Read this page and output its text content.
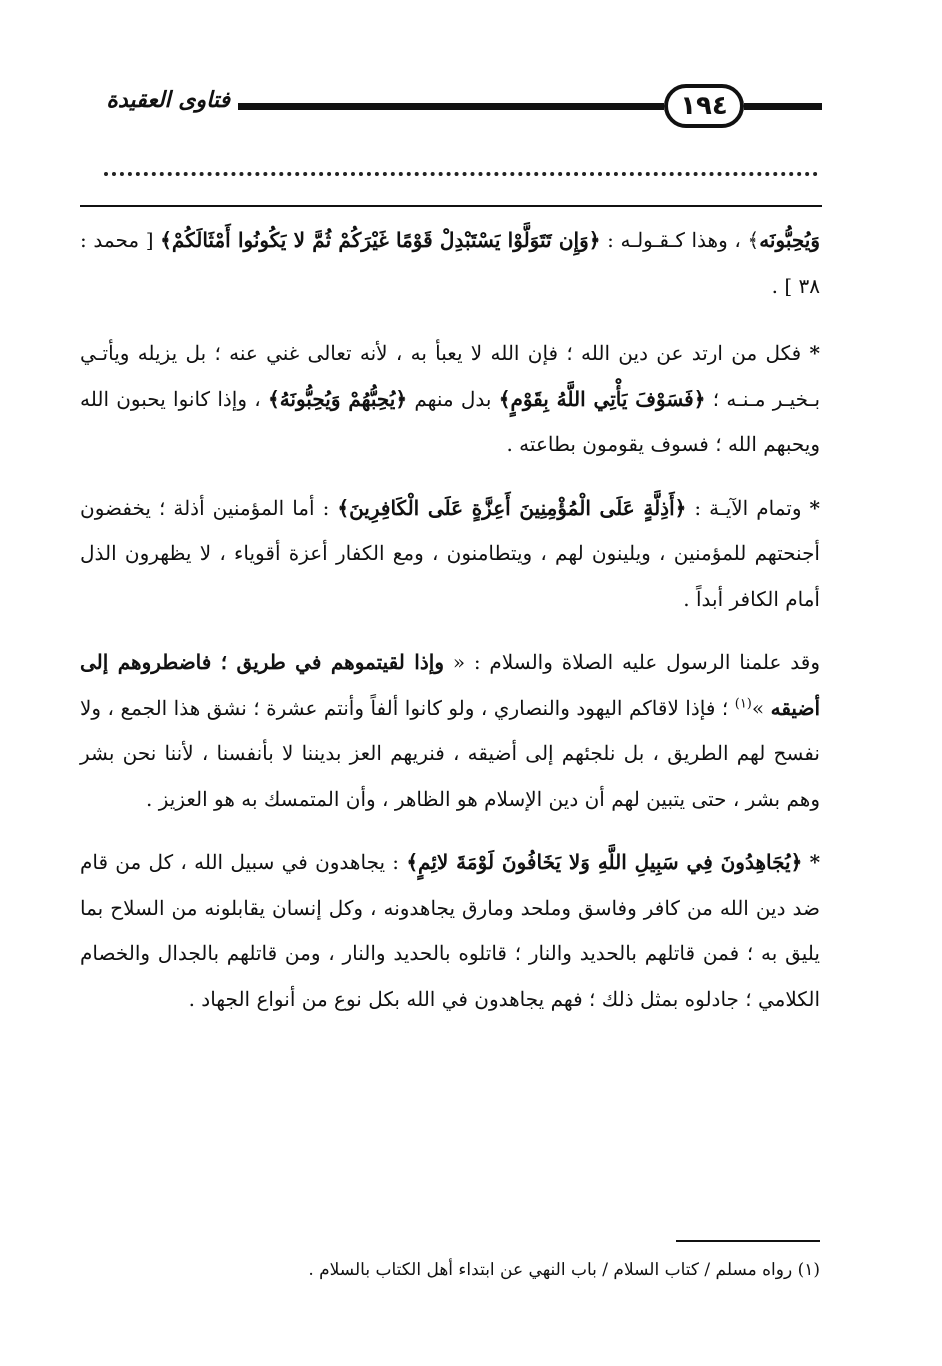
فتاوى العقيدة	١٩٤

وَيُحِبُّونَه﴾ ، وهذا كـقـولـه : ﴿وَإِن تَتَوَلَّوْا يَسْتَبْدِلْ قَوْمًا غَيْرَكُمْ ثُمَّ لا يَكُونُوا أَمْثَالَكُمْ﴾ [ محمد : ٣٨ ] .

* فكل من ارتد عن دين الله ؛ فإن الله لا يعبأ به ، لأنه تعالى غني عنه ؛ بل يزيله ويأتـي بـخيـر مـنـه ؛ ﴿فَسَوْفَ يَأْتِي اللَّهُ بِقَوْمٍ﴾ بدل منهم ﴿يُحِبُّهُمْ وَيُحِبُّونَهُ﴾ ، وإذا كانوا يحبون الله ويحبهم الله ؛ فسوف يقومون بطاعته .

* وتمام الآيـة : ﴿أَذِلَّةٍ عَلَى الْمُؤْمِنِينَ أَعِزَّةٍ عَلَى الْكَافِرِينَ﴾ : أما المؤمنين أذلة ؛ يخفضون أجنحتهم للمؤمنين ، ويلينون لهم ، ويتطامنون ، ومع الكفار أعزة أقوياء ، لا يظهرون الذل أمام الكافر أبداً .

وقد علمنا الرسول عليه الصلاة والسلام : « وإذا لقيتموهم في طريق ؛ فاضطروهم إلى أضيقه »$^{(١)}$ ؛ فإذا لاقاكم اليهود والنصاري ، ولو كانوا ألفاً وأنتم عشرة ؛ نشق هذا الجمع ، ولا نفسح لهم الطريق ، بل نلجئهم إلى أضيقه ، فنريهم العز بديننا لا بأنفسنا ، لأننا نحن بشر وهم بشر ، حتى يتبين لهم أن دين الإسلام هو الظاهر ، وأن المتمسك به هو العزيز .

* ﴿يُجَاهِدُونَ فِي سَبِيلِ اللَّهِ وَلا يَخَافُونَ لَوْمَةَ لائِمٍ﴾ : يجاهدون في سبيل الله ، كل من قام ضد دين الله من كافر وفاسق وملحد ومارق يجاهدونه ، وكل إنسان يقابلونه من السلاح بما يليق به ؛ فمن قاتلهم بالحديد والنار ؛ قاتلوه بالحديد والنار ، ومن قاتلهم بالجدال والخصام الكلامي ؛ جادلوه بمثل ذلك ؛ فهم يجاهدون في الله بكل نوع من أنواع الجهاد .

(١) رواه مسلم / كتاب السلام / باب النهي عن ابتداء أهل الكتاب بالسلام .
